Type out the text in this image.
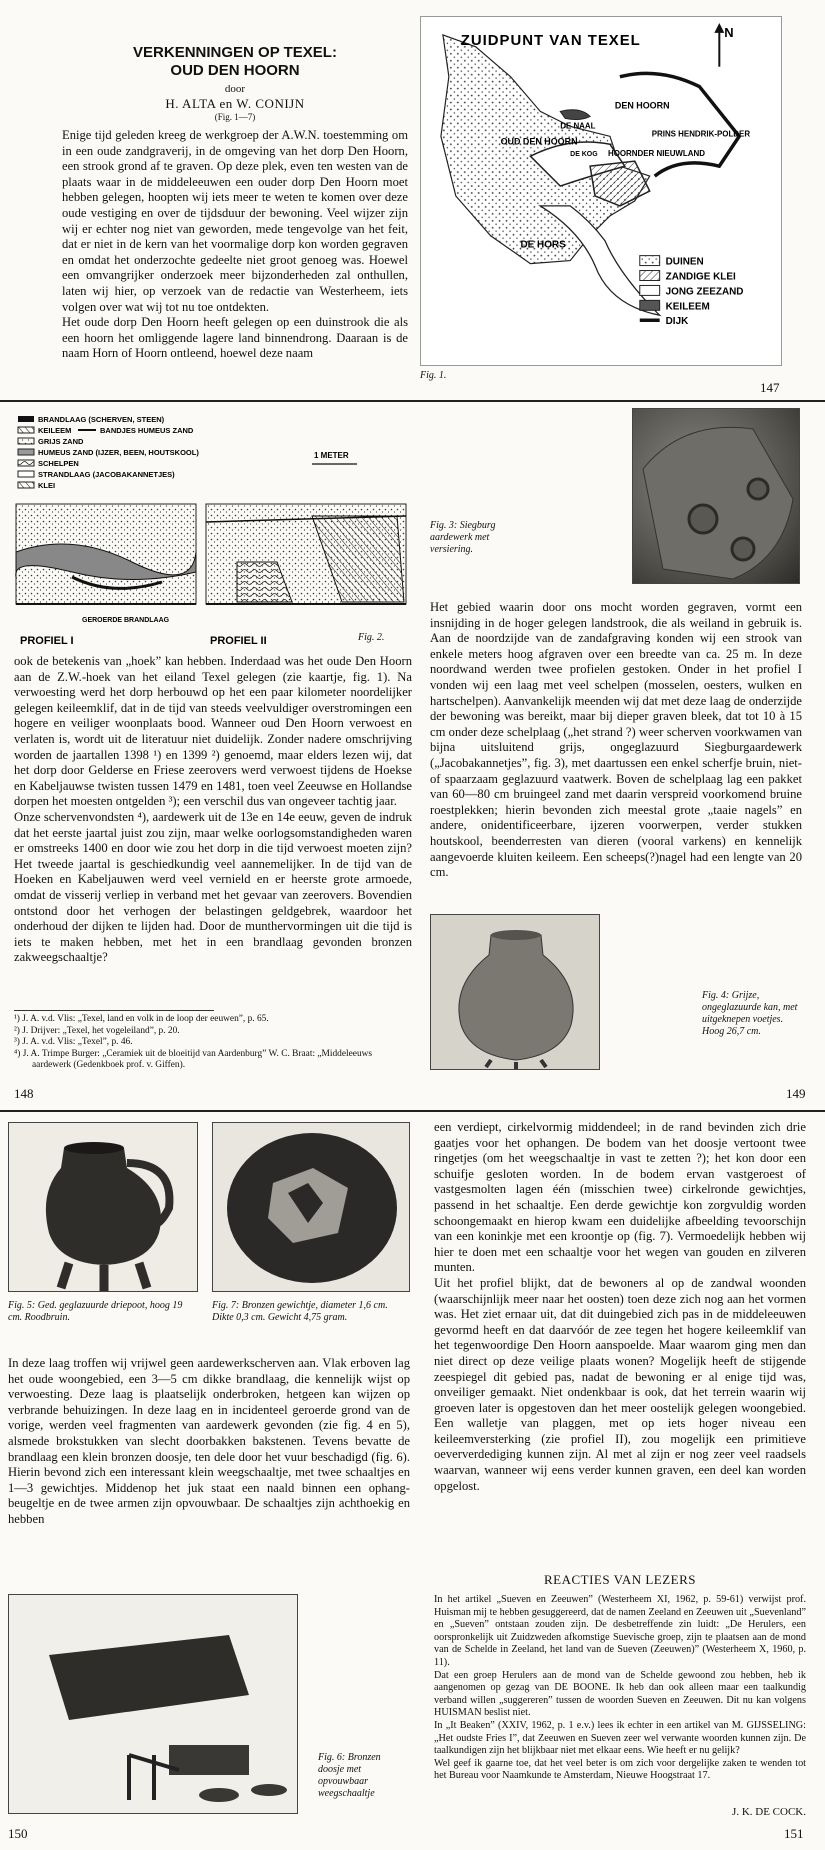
VERKENNINGEN OP TEXEL:
OUD DEN HOORN
door
H. ALTA en W. CONIJN
(Fig. 1—7)

Enige tijd geleden kreeg de werkgroep der A.W.N. toestemming om in een oude zandgraverij, in de omgeving van het dorp Den Hoorn, een strook grond af te graven. Op deze plek, even ten westen van de plaats waar in de middeleeuwen een ouder dorp Den Hoorn moet hebben gelegen, hoopten wij iets meer te weten te komen over deze oude vestiging en over de tijdsduur der bewoning. Veel wijzer zijn wij er echter nog niet van geworden, mede tengevolge van het feit, dat er niet in de kern van het voormalige dorp kon worden gegraven en omdat het onderzochte gedeelte niet groot genoeg was. Hoewel een omvangrijker onderzoek meer bijzonderheden zal onthullen, laten wij hier, op verzoek van de redactie van Westerheem, iets volgen over wat wij tot nu toe ontdekten.

Het oude dorp Den Hoorn heeft gelegen op een duinstrook die als een hoorn het omliggende lagere land binnendrong. Daaraan is de naam Horn of Hoorn ontleend, hoewel deze naam

ZUIDPUNT VAN TEXEL
N
DEN HOORN
DE NAAL
PRINS HENDRIK-POLDER
OUD DEN HOORN
DE KOG HOORNDER NIEUWLAND
DE HORS
DUINEN
ZANDIGE KLEI
JONG ZEEZAND
KEILEEM
DIJK
Fig. 1.
147
BRANDLAAG (SCHERVEN, STEEN)
KEILEEM	BANDJES HUMEUS ZAND
GRIJS ZAND
HUMEUS ZAND (IJZER, BEEN, HOUTSKOOL)
SCHELPEN
STRANDLAAG (JACOBAKANNETJES)
KLEI
1 METER
GEROERDE BRANDLAAG
PROFIEL I	PROFIEL II	Fig. 2.

ook de betekenis van „hoek” kan hebben. Inderdaad was het oude Den Hoorn aan de Z.W.-hoek van het eiland Texel gelegen (zie kaartje, fig. 1). Na verwoesting werd het dorp herbouwd op het een paar kilometer noordelijker gelegen keileemklif, dat in de tijd van steeds veelvuldiger overstromingen een hogere en veiliger woonplaats bood. Wanneer oud Den Hoorn verwoest en verlaten is, wordt uit de literatuur niet duidelijk. Zonder nadere omschrijving worden de jaartallen 1398 ¹) en 1399 ²) genoemd, maar elders lezen wij, dat het dorp door Gelderse en Friese zeerovers werd verwoest tijdens de Hoekse en Kabeljauwse twisten tussen 1479 en 1481, toen veel Zeeuwse en Hollandse dorpen het moesten ontgelden ³); een verschil dus van ongeveer tachtig jaar.

Onze schervenvondsten ⁴), aardewerk uit de 13e en 14e eeuw, geven de indruk dat het eerste jaartal juist zou zijn, maar welke oorlogsomstandigheden waren er omstreeks 1400 en door wie zou het dorp in die tijd verwoest moeten zijn? Het tweede jaartal is geschiedkundig veel aannemelijker. In de tijd van de Hoeken en Kabeljauwen werd veel vernield en er heerste grote armoede, omdat de visserij verliep in verband met het gevaar van zeerovers. Bovendien ontstond door het verhogen der belastingen geldgebrek, waardoor het onderhoud der dijken te lijden had. Door de munthervormingen uit die tijd is iets te maken hebben, met het in een brandlaag gevonden bronzen zakweegschaaltje?

¹) J. A. v.d. Vlis: „Texel, land en volk in de loop der eeuwen”, p. 65.
²) J. Drijver: „Texel, het vogeleiland”, p. 20.
³) J. A. v.d. Vlis: „Texel”, p. 46.
⁴) J. A. Trimpe Burger: „Ceramiek uit de bloeitijd van Aardenburg” W. C. Braat: „Middeleeuws aardewerk (Gedenkboek prof. v. Giffen).
148
Fig. 3: Siegburg aardewerk met versiering.
Het gebied waarin door ons mocht worden gegraven, vormt een insnijding in de hoger gelegen landstrook, die als weiland in gebruik is. Aan de noordzijde van de zandafgraving konden wij een strook van enkele meters hoog afgraven over een breedte van ca. 25 m. In deze noordwand werden twee profielen gestoken. Onder in het profiel I vonden wij een laag met veel schelpen (mosselen, oesters, wulken en hartschelpen). Aanvankelijk meenden wij dat met deze laag de onderzijde der bewoning was bereikt, maar bij dieper graven bleek, dat tot 10 à 15 cm onder deze schelplaag („het strand ?) weer scherven voorkwamen van bijna uitsluitend grijs, ongeglazuurd Siegburgaardewerk („Jacobakannetjes”, fig. 3), met daartussen een enkel scherfje bruin, niet- of spaarzaam geglazuurd vaatwerk. Boven de schelplaag lag een pakket van 60—80 cm bruingeel zand met daarin verspreid voorkomend bruine roestplekken; hierin bevonden zich meestal grote „taaie nagels” en andere, onidentificeerbare, ijzeren voorwerpen, verder stukken houtskool, beenderresten van dieren (vooral varkens) en kennelijk aangevoerde kluiten keileem. Een scheeps(?)nagel had een lengte van 20 cm.
Fig. 4: Grijze, ongeglazuurde kan, met uitgeknepen voetjes. Hoog 26,7 cm.
149
Fig. 5: Ged. geglazuurde driepoot, hoog 19 cm. Roodbruin.
Fig. 7: Bronzen gewichtje, diameter 1,6 cm. Dikte 0,3 cm. Gewicht 4,75 gram.
In deze laag troffen wij vrijwel geen aardewerkscherven aan. Vlak erboven lag het oude woongebied, een 3—5 cm dikke brandlaag, die kennelijk wijst op verwoesting. Deze laag is plaatselijk onderbroken, hetgeen kan wijzen op verbrande behuizingen. In deze laag en in incidenteel geroerde grond van de vorige, werden veel fragmenten van aardewerk gevonden (zie fig. 4 en 5), alsmede brokstukken van slecht doorbakken bakstenen. Tevens bevatte de brandlaag een klein bronzen doosje, ten dele door het vuur beschadigd (fig. 6). Hierin bevond zich een interessant klein weegschaaltje, met twee schaaltjes en 1—3 gewichtjes. Middenop het juk staat een naald binnen een ophang-beugeltje en de twee armen zijn opvouwbaar. De schaaltjes zijn achthoekig en hebben
Fig. 6: Bronzen doosje met opvouwbaar weegschaaltje
150

een verdiept, cirkelvormig middendeel; in de rand bevinden zich drie gaatjes voor het ophangen. De bodem van het doosje vertoont twee ringetjes (om het weegschaaltje in vast te zetten ?); het kon door een schuifje gesloten worden. In de bodem ervan vastgeroest of vastgesmolten lagen één (misschien twee) cirkelronde gewichtjes, passend in het schaaltje. Een derde gewichtje kon zorgvuldig worden schoongemaakt en hierop kwam een duidelijke afbeelding tevoorschijn van een koninkje met een kroontje op (fig. 7). Vermoedelijk hebben wij hier te doen met een schaaltje voor het wegen van gouden en zilveren munten.

Uit het profiel blijkt, dat de bewoners al op de zandwal woonden (waarschijnlijk meer naar het oosten) toen deze zich nog aan het vormen was. Het ziet ernaar uit, dat dit duingebied zich pas in de middeleeuwen gevormd heeft en dat daarvóór de zee tegen het hogere keileemklif van het tegenwoordige Den Hoorn aanspoelde. Maar waarom ging men dan niet direct op deze veilige plaats wonen? Mogelijk heeft de stijgende zeespiegel dit gebied pas, nadat de bewoning er al enige tijd was, onveiliger gemaakt. Niet ondenkbaar is ook, dat het terrein waarin wij groeven later is opgestoven dan het meer oostelijk gelegen woongebied. Een walletje van plaggen, met op iets hoger niveau een keileemversterking (zie profiel II), zou mogelijk een primitieve oeververdediging kunnen zijn. Al met al zijn er nog zeer veel raadsels waarvan, wanneer wij eens verder kunnen graven, een deel kan worden opgelost.

REACTIES VAN LEZERS

In het artikel „Sueven en Zeeuwen” (Westerheem XI, 1962, p. 59-61) verwijst prof. Huisman mij te hebben gesuggereerd, dat de namen Zeeland en Zeeuwen uit „Suevenland” en „Sueven” ontstaan zouden zijn. De desbetreffende zin luidt: „De Herulers, een oorspronkelijk uit Zuidzweden afkomstige Suevische groep, zijn te plaatsen aan de mond van de Schelde in Zeeland, het land van de Sueven (Zeeuwen)” (Westerheem X, 1960, p. 11).

Dat een groep Herulers aan de mond van de Schelde gewoond zou hebben, heb ik aangenomen op gezag van DE BOONE. Ik heb dan ook alleen maar een taalkundig verband willen „suggereren” tussen de woorden Sueven en Zeeuwen. Dit nu kan volgens HUISMAN beslist niet.

In „It Beaken” (XXIV, 1962, p. 1 e.v.) lees ik echter in een artikel van M. GIJSSELING: „Het oudste Fries I”, dat Zeeuwen en Sueven zeer wel verwante woorden kunnen zijn. De taalkundigen zijn het blijkbaar niet met elkaar eens. Wie heeft er nu gelijk?

Wel geef ik gaarne toe, dat het veel beter is om zich voor dergelijke zaken te wenden tot het Bureau voor Naamkunde te Amsterdam, Nieuwe Hoogstraat 17.

J. K. DE COCK.
151
